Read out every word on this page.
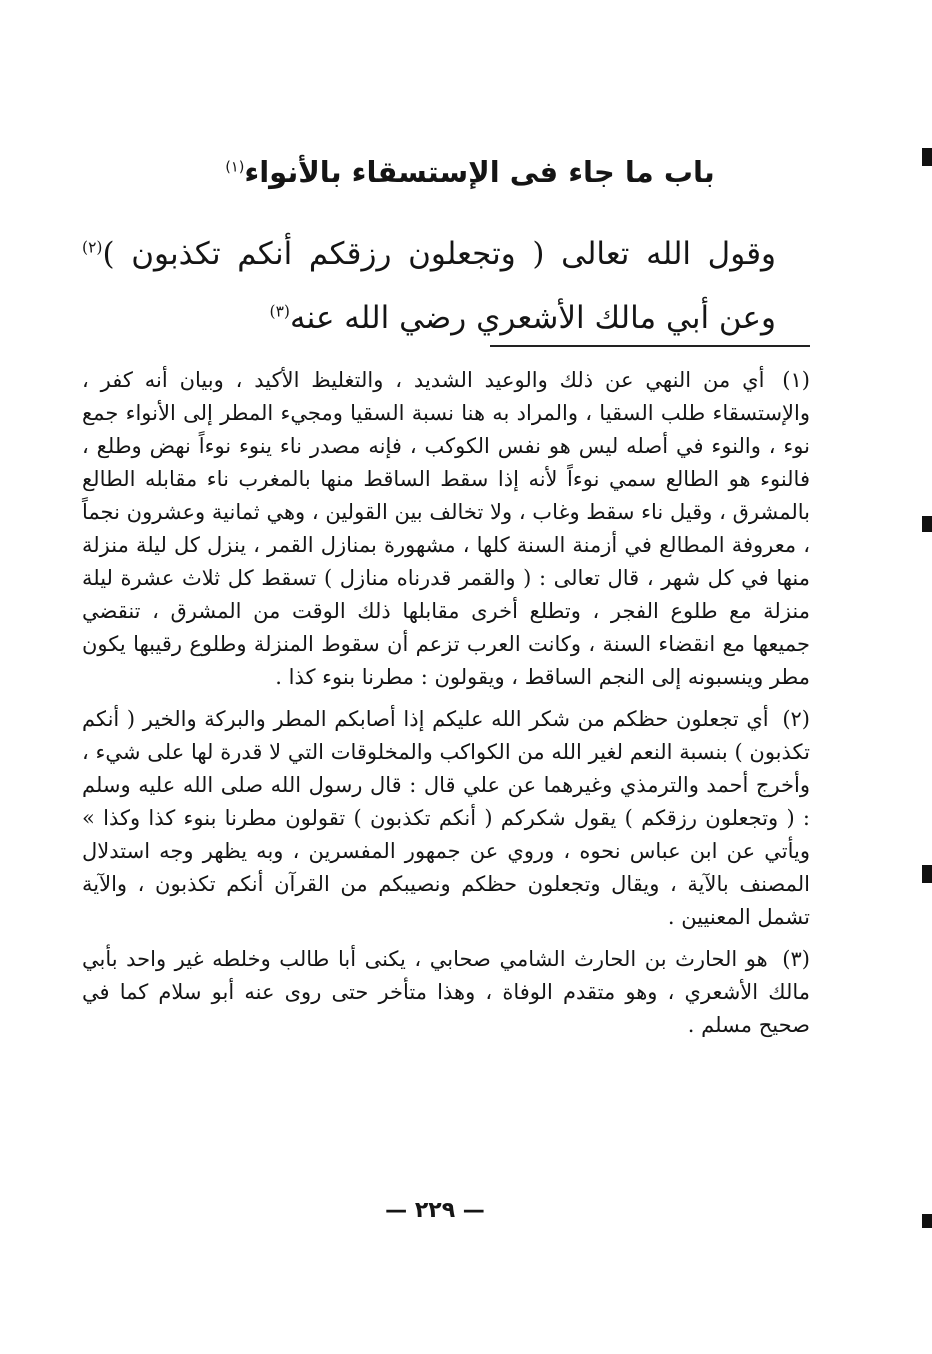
باب ما جاء فى الإستسقاء بالأنواء$^{(١)}$
وقول الله تعالى ( وتجعلون رزقكم أنكم تكذبون )$^{(٢)}$ وعن أبي مالك الأشعري رضي الله عنه$^{(٣)}$

(١) أي من النهي عن ذلك والوعيد الشديد ، والتغليظ الأكيد ، وبيان أنه كفر ، والإستسقاء طلب السقيا ، والمراد به هنا نسبة السقيا ومجيء المطر إلى الأنواء جمع نوء ، والنوء في أصله ليس هو نفس الكوكب ، فإنه مصدر ناء ينوء نوءاً نهض وطلع ، فالنوء هو الطالع سمي نوءاً لأنه إذا سقط الساقط منها بالمغرب ناء مقابله الطالع بالمشرق ، وقيل ناء سقط وغاب ، ولا تخالف بين القولين ، وهي ثمانية وعشرون نجماً ، معروفة المطالع في أزمنة السنة كلها ، مشهورة بمنازل القمر ، ينزل كل ليلة منزلة منها في كل شهر ، قال تعالى : ( والقمر قدرناه منازل ) تسقط كل ثلاث عشرة ليلة منزلة مع طلوع الفجر ، وتطلع أخرى مقابلها ذلك الوقت من المشرق ، تنقضي جميعها مع انقضاء السنة ، وكانت العرب تزعم أن سقوط المنزلة وطلوع رقيبها يكون مطر وينسبونه إلى النجم الساقط ، ويقولون : مطرنا بنوء كذا .

(٢) أي تجعلون حظكم من شكر الله عليكم إذا أصابكم المطر والبركة والخير ( أنكم تكذبون ) بنسبة النعم لغير الله من الكواكب والمخلوقات التي لا قدرة لها على شيء ، وأخرج أحمد والترمذي وغيرهما عن علي قال : قال رسول الله صلى الله عليه وسلم : ( وتجعلون رزقكم ) يقول شكركم ( أنكم تكذبون ) تقولون مطرنا بنوء كذا وكذا » ويأتي عن ابن عباس نحوه ، وروي عن جمهور المفسرين ، وبه يظهر وجه استدلال المصنف بالآية ، ويقال وتجعلون حظكم ونصيبكم من القرآن أنكم تكذبون ، والآية تشمل المعنيين .

(٣) هو الحارث بن الحارث الشامي صحابي ، يكنى أبا طالب وخلطه غير واحد بأبي مالك الأشعري ، وهو متقدم الوفاة ، وهذا متأخر حتى روى عنه أبو سلام كما في صحيح مسلم .

— ٢٢٩ —
